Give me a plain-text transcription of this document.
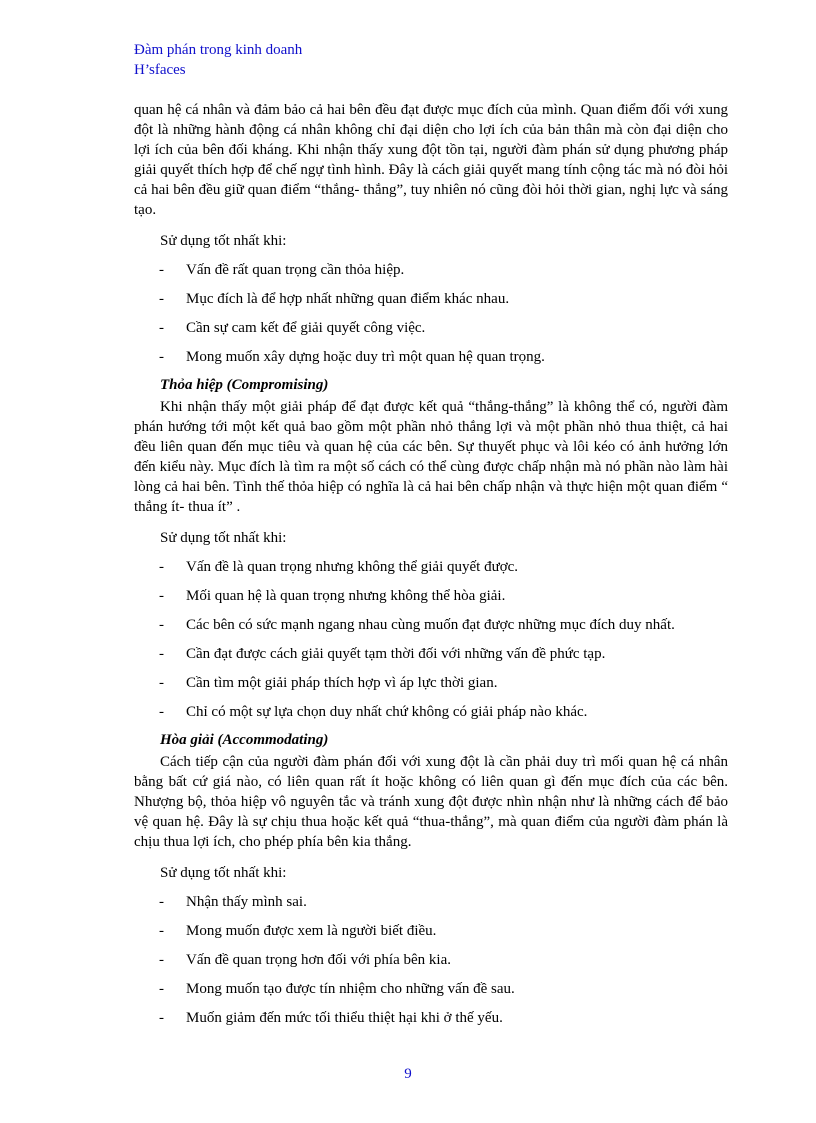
Đàm phán trong kinh doanh
H’sfaces

quan hệ cá nhân và đảm bảo cả hai bên đều đạt được mục đích của mình. Quan điểm đối với xung đột là những hành động cá nhân không chỉ đại diện cho lợi ích của bản thân mà còn đại diện cho lợi ích của bên đối kháng. Khi nhận thấy xung đột tồn tại, người đàm phán sử dụng phương pháp giải quyết thích hợp để chế ngự tình hình. Đây là cách giải quyết mang tính cộng tác mà nó đòi hỏi cả hai bên đều giữ quan điểm “thắng- thắng”, tuy nhiên nó cũng đòi hỏi thời gian, nghị lực và sáng tạo.

Sử dụng tốt nhất khi:

- Vấn đề rất quan trọng cần thỏa hiệp.
- Mục đích là để hợp nhất những quan điểm khác nhau.
- Cần sự cam kết để giải quyết công việc.
- Mong muốn xây dựng hoặc duy trì một quan hệ quan trọng.
Thỏa hiệp (Compromising)

Khi nhận thấy một giải pháp để đạt được kết quả “thắng-thắng” là không thể có, người đàm phán hướng tới một kết quả bao gồm một phần nhỏ thắng lợi và một phần nhỏ thua thiệt, cả hai đều liên quan đến mục tiêu và quan hệ của các bên. Sự thuyết phục và lôi kéo có ảnh hưởng lớn đến kiểu này. Mục đích là tìm ra một số cách có thể cùng được chấp nhận mà nó phần nào làm hài lòng cả hai bên. Tình thế thỏa hiệp có nghĩa là cả hai bên chấp nhận và thực hiện một quan điểm “ thắng ít- thua ít” .

Sử dụng tốt nhất khi:

- Vấn đề là quan trọng nhưng không thể giải quyết được.
- Mối quan hệ là quan trọng nhưng không thể hòa giải.
- Các bên có sức mạnh ngang nhau cùng muốn đạt được những mục đích duy nhất.
- Cần đạt được cách giải quyết tạm thời đối với những vấn đề phức tạp.
- Cần tìm một giải pháp thích hợp vì áp lực thời gian.
- Chỉ có một sự lựa chọn duy nhất chứ không có giải pháp nào khác.
Hòa giải (Accommodating)

Cách tiếp cận của người đàm phán đối với xung đột là cần phải duy trì mối quan hệ cá nhân bằng bất cứ giá nào, có liên quan rất ít hoặc không có liên quan gì đến mục đích của các bên. Nhượng bộ, thỏa hiệp vô nguyên tắc và tránh xung đột được nhìn nhận như là những cách để bảo vệ quan hệ. Đây là sự chịu thua hoặc kết quả “thua-thắng”, mà quan điểm của người đàm phán là chịu thua lợi ích, cho phép phía bên kia thắng.

Sử dụng tốt nhất khi:

- Nhận thấy mình sai.
- Mong muốn được xem là người biết điều.
- Vấn đề quan trọng hơn đối với phía bên kia.
- Mong muốn tạo được tín nhiệm cho những vấn đề sau.
- Muốn giảm đến mức tối thiểu thiệt hại khi ở thế yếu.
9
